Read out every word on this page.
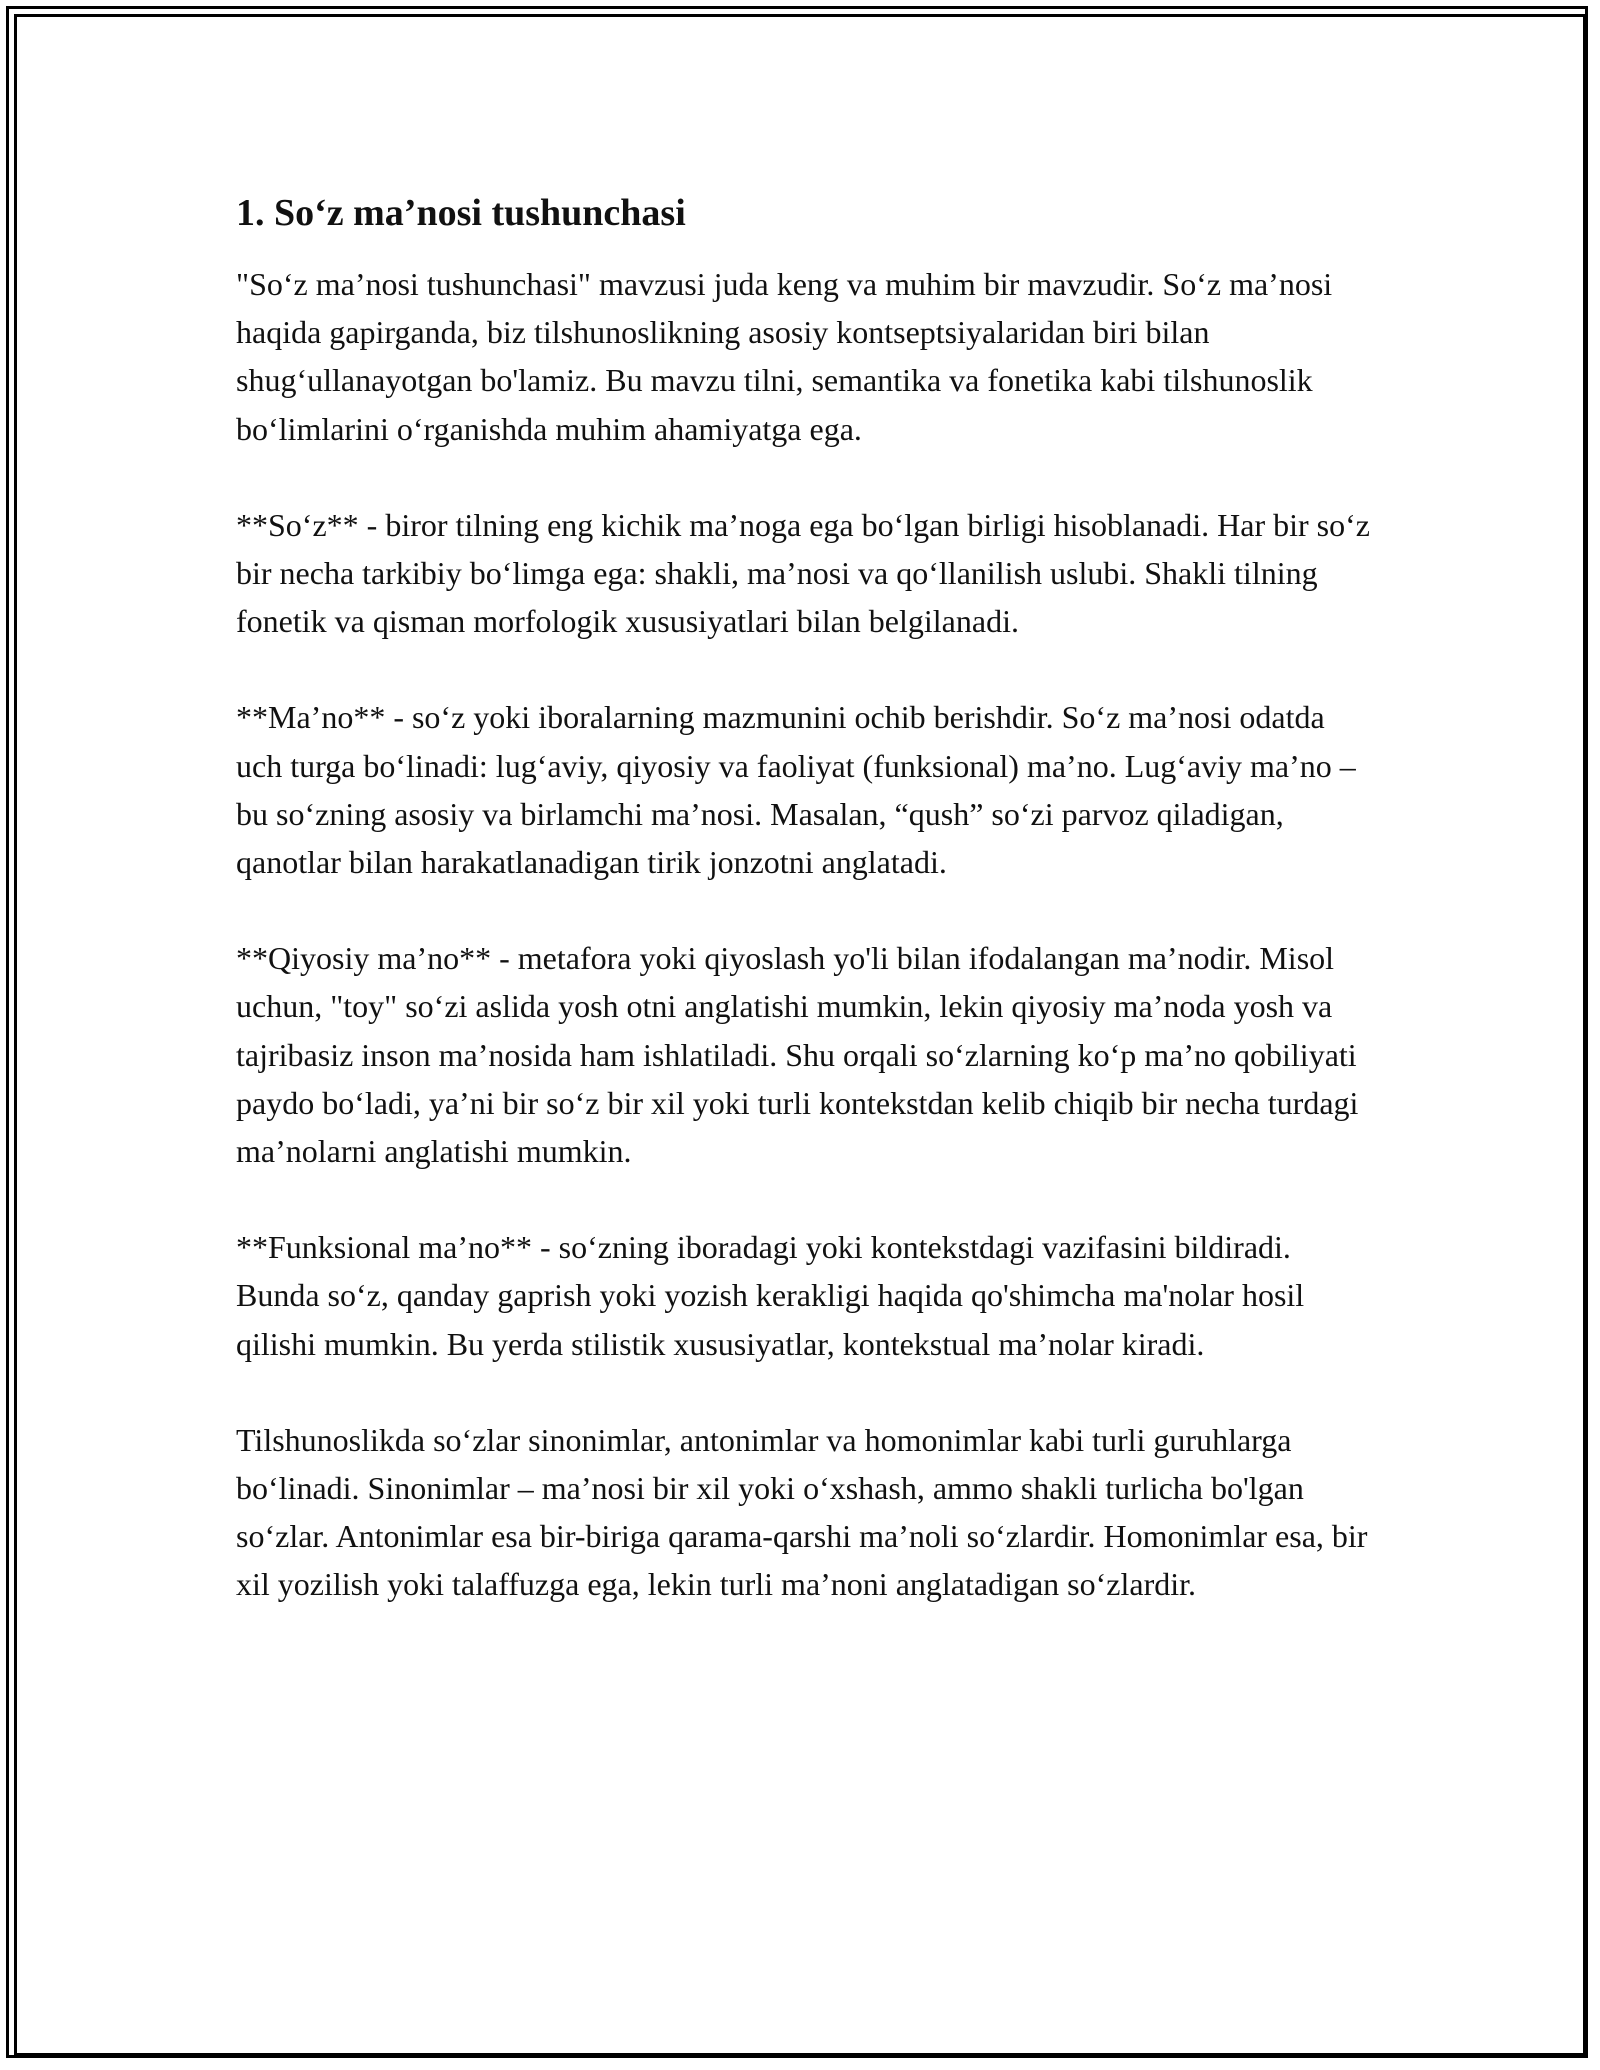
1. So‘z ma’nosi tushunchasi

"So‘z ma’nosi tushunchasi" mavzusi juda keng va muhim bir mavzudir. So‘z ma’nosi haqida gapirganda, biz tilshunoslikning asosiy kontseptsiyalaridan biri bilan shug‘ullanayotgan bo'lamiz. Bu mavzu tilni, semantika va fonetika kabi tilshunoslik bo‘limlarini o‘rganishda muhim ahamiyatga ega.

**So‘z** - biror tilning eng kichik ma’noga ega bo‘lgan birligi hisoblanadi. Har bir so‘z bir necha tarkibiy bo‘limga ega: shakli, ma’nosi va qo‘llanilish uslubi. Shakli tilning fonetik va qisman morfologik xususiyatlari bilan belgilanadi.

**Ma’no** - so‘z yoki iboralarning mazmunini ochib berishdir. So‘z ma’nosi odatda uch turga bo‘linadi: lug‘aviy, qiyosiy va faoliyat (funksional) ma’no. Lug‘aviy ma’no – bu so‘zning asosiy va birlamchi ma’nosi. Masalan, “qush” so‘zi parvoz qiladigan, qanotlar bilan harakatlanadigan tirik jonzotni anglatadi.

**Qiyosiy ma’no** - metafora yoki qiyoslash yo'li bilan ifodalangan ma’nodir. Misol uchun, "toy" so‘zi aslida yosh otni anglatishi mumkin, lekin qiyosiy ma’noda yosh va tajribasiz inson ma’nosida ham ishlatiladi. Shu orqali so‘zlarning ko‘p ma’no qobiliyati paydo bo‘ladi, ya’ni bir so‘z bir xil yoki turli kontekstdan kelib chiqib bir necha turdagi ma’nolarni anglatishi mumkin.

**Funksional ma’no** - so‘zning iboradagi yoki kontekstdagi vazifasini bildiradi. Bunda so‘z, qanday gaprish yoki yozish kerakligi haqida qo'shimcha ma'nolar hosil qilishi mumkin. Bu yerda stilistik xususiyatlar, kontekstual ma’nolar kiradi.

Tilshunoslikda so‘zlar sinonimlar, antonimlar va homonimlar kabi turli guruhlarga bo‘linadi. Sinonimlar – ma’nosi bir xil yoki o‘xshash, ammo shakli turlicha bo'lgan so‘zlar. Antonimlar esa bir-biriga qarama-qarshi ma’noli so‘zlardir. Homonimlar esa, bir xil yozilish yoki talaffuzga ega, lekin turli ma’noni anglatadigan so‘zlardir.
